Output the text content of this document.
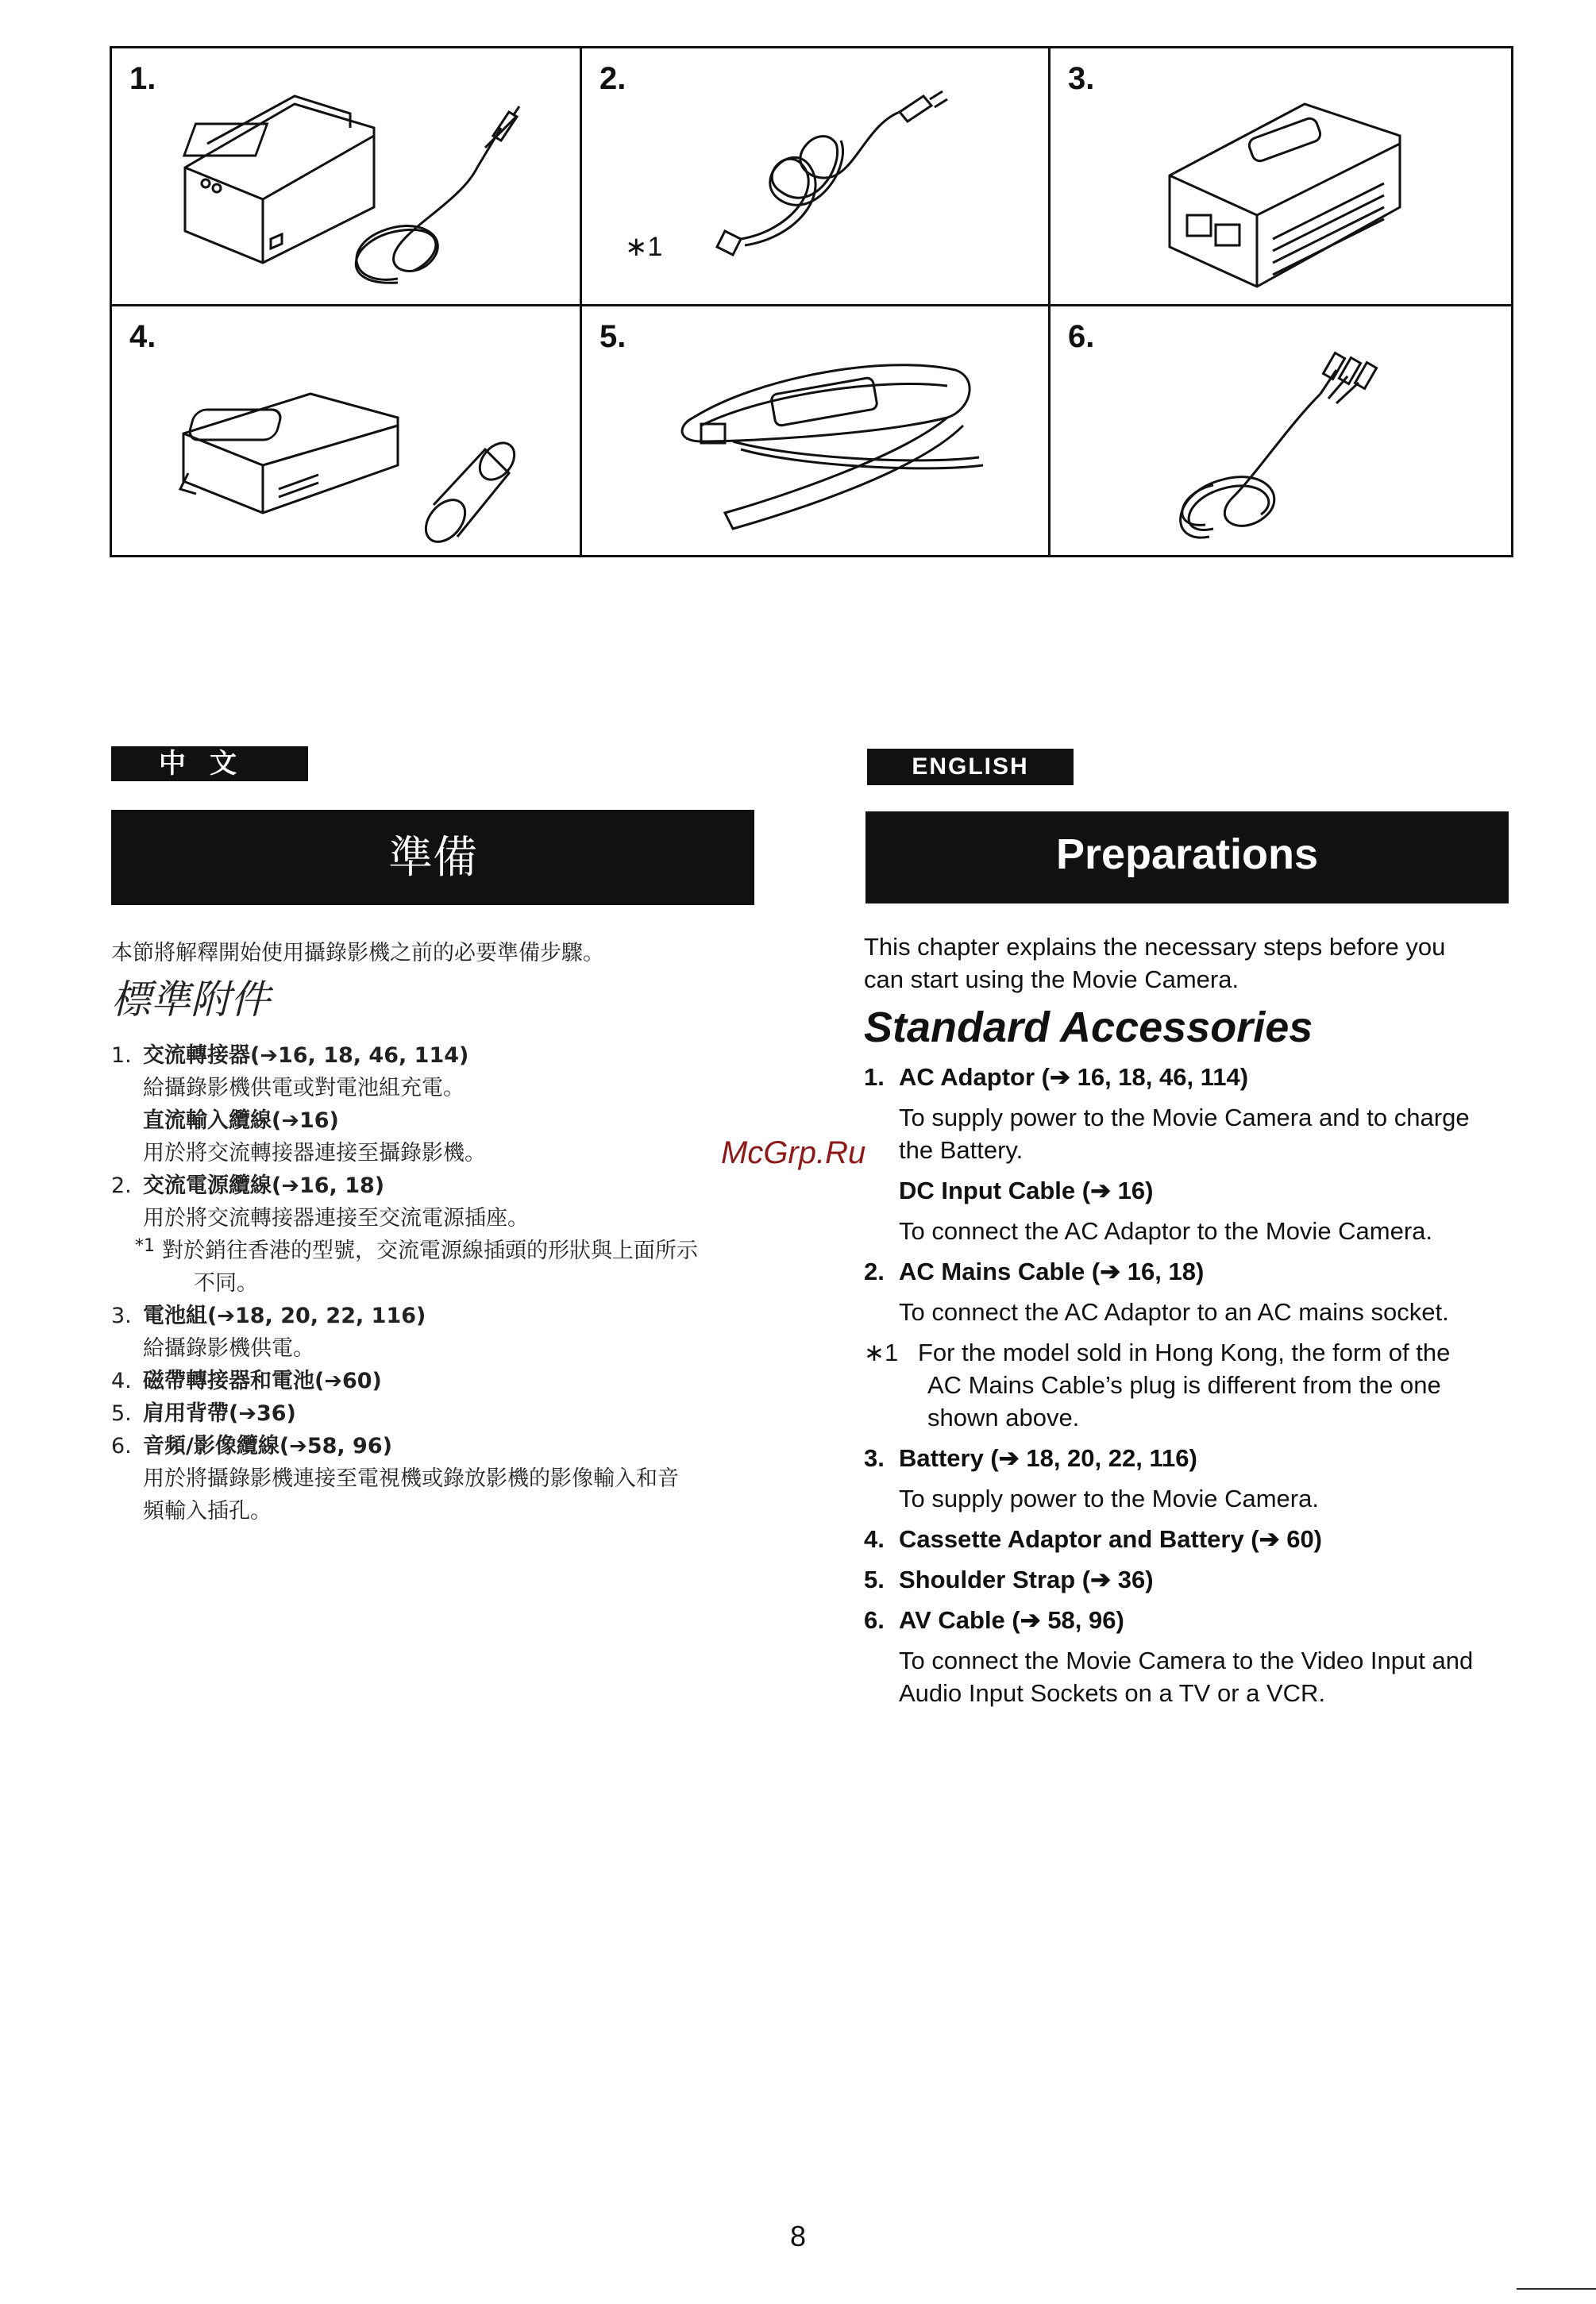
1.	2.
∗1
3.
4.	5.	6.
中文	ENGLISH
準備	Preparations

本節將解釋開始使用攝錄影機之前的必要準備步驟。

標準附件
1. 交流轉接器(➔16, 18, 46, 114)
給攝錄影機供電或對電池組充電。
直流輸入纜線(➔16)
用於將交流轉接器連接至攝錄影機。
2. 交流電源纜線(➔16, 18)
用於將交流轉接器連接至交流電源插座。
*1 對於銷往香港的型號，交流電源線插頭的形狀與上面所示
不同。
3. 電池組(➔18, 20, 22, 116)
給攝錄影機供電。
4. 磁帶轉接器和電池(➔60)
5. 肩用背帶(➔36)
6. 音頻/影像纜線(➔58, 96)
用於將攝錄影機連接至電視機或錄放影機的影像輸入和音
頻輸入插孔。
This chapter explains the necessary steps before you
can start using the Movie Camera.
Standard Accessories
1. AC Adaptor (➔ 16, 18, 46, 114)
To supply power to the Movie Camera and to charge
the Battery.
DC Input Cable (➔ 16)
To connect the AC Adaptor to the Movie Camera.
2. AC Mains Cable (➔ 16, 18)
To connect the AC Adaptor to an AC mains socket.
∗1 For the model sold in Hong Kong, the form of the
AC Mains Cable’s plug is different from the one
shown above.
3. Battery (➔ 18, 20, 22, 116)
To supply power to the Movie Camera.
4. Cassette Adaptor and Battery (➔ 60)
5. Shoulder Strap (➔ 36)
6. AV Cable (➔ 58, 96)
To connect the Movie Camera to the Video Input and
Audio Input Sockets on a TV or a VCR.
McGrp.Ru
8
